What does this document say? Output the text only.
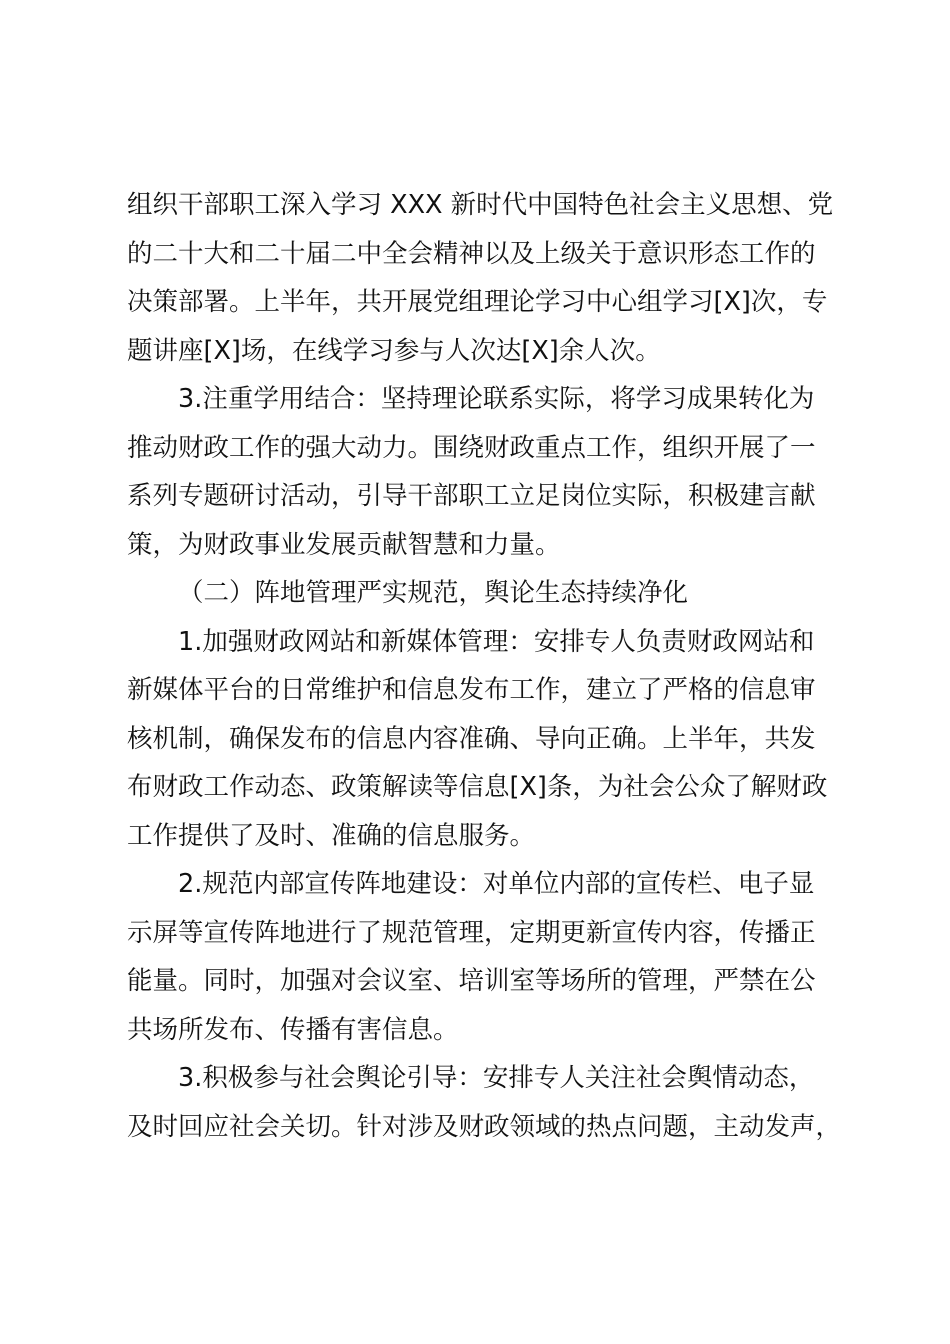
组织干部职工深入学习 XXX 新时代中国特色社会主义思想、党
的二十大和二十届二中全会精神以及上级关于意识形态工作的
决策部署。上半年，共开展党组理论学习中心组学习[X]次，专
题讲座[X]场，在线学习参与人次达[X]余人次。
3.注重学用结合：坚持理论联系实际，将学习成果转化为
推动财政工作的强大动力。围绕财政重点工作，组织开展了一
系列专题研讨活动，引导干部职工立足岗位实际，积极建言献
策，为财政事业发展贡献智慧和力量。
（二）阵地管理严实规范，舆论生态持续净化
1.加强财政网站和新媒体管理：安排专人负责财政网站和
新媒体平台的日常维护和信息发布工作，建立了严格的信息审
核机制，确保发布的信息内容准确、导向正确。上半年，共发
布财政工作动态、政策解读等信息[X]条，为社会公众了解财政
工作提供了及时、准确的信息服务。
2.规范内部宣传阵地建设：对单位内部的宣传栏、电子显
示屏等宣传阵地进行了规范管理，定期更新宣传内容，传播正
能量。同时，加强对会议室、培训室等场所的管理，严禁在公
共场所发布、传播有害信息。
3.积极参与社会舆论引导：安排专人关注社会舆情动态，
及时回应社会关切。针对涉及财政领域的热点问题，主动发声，
